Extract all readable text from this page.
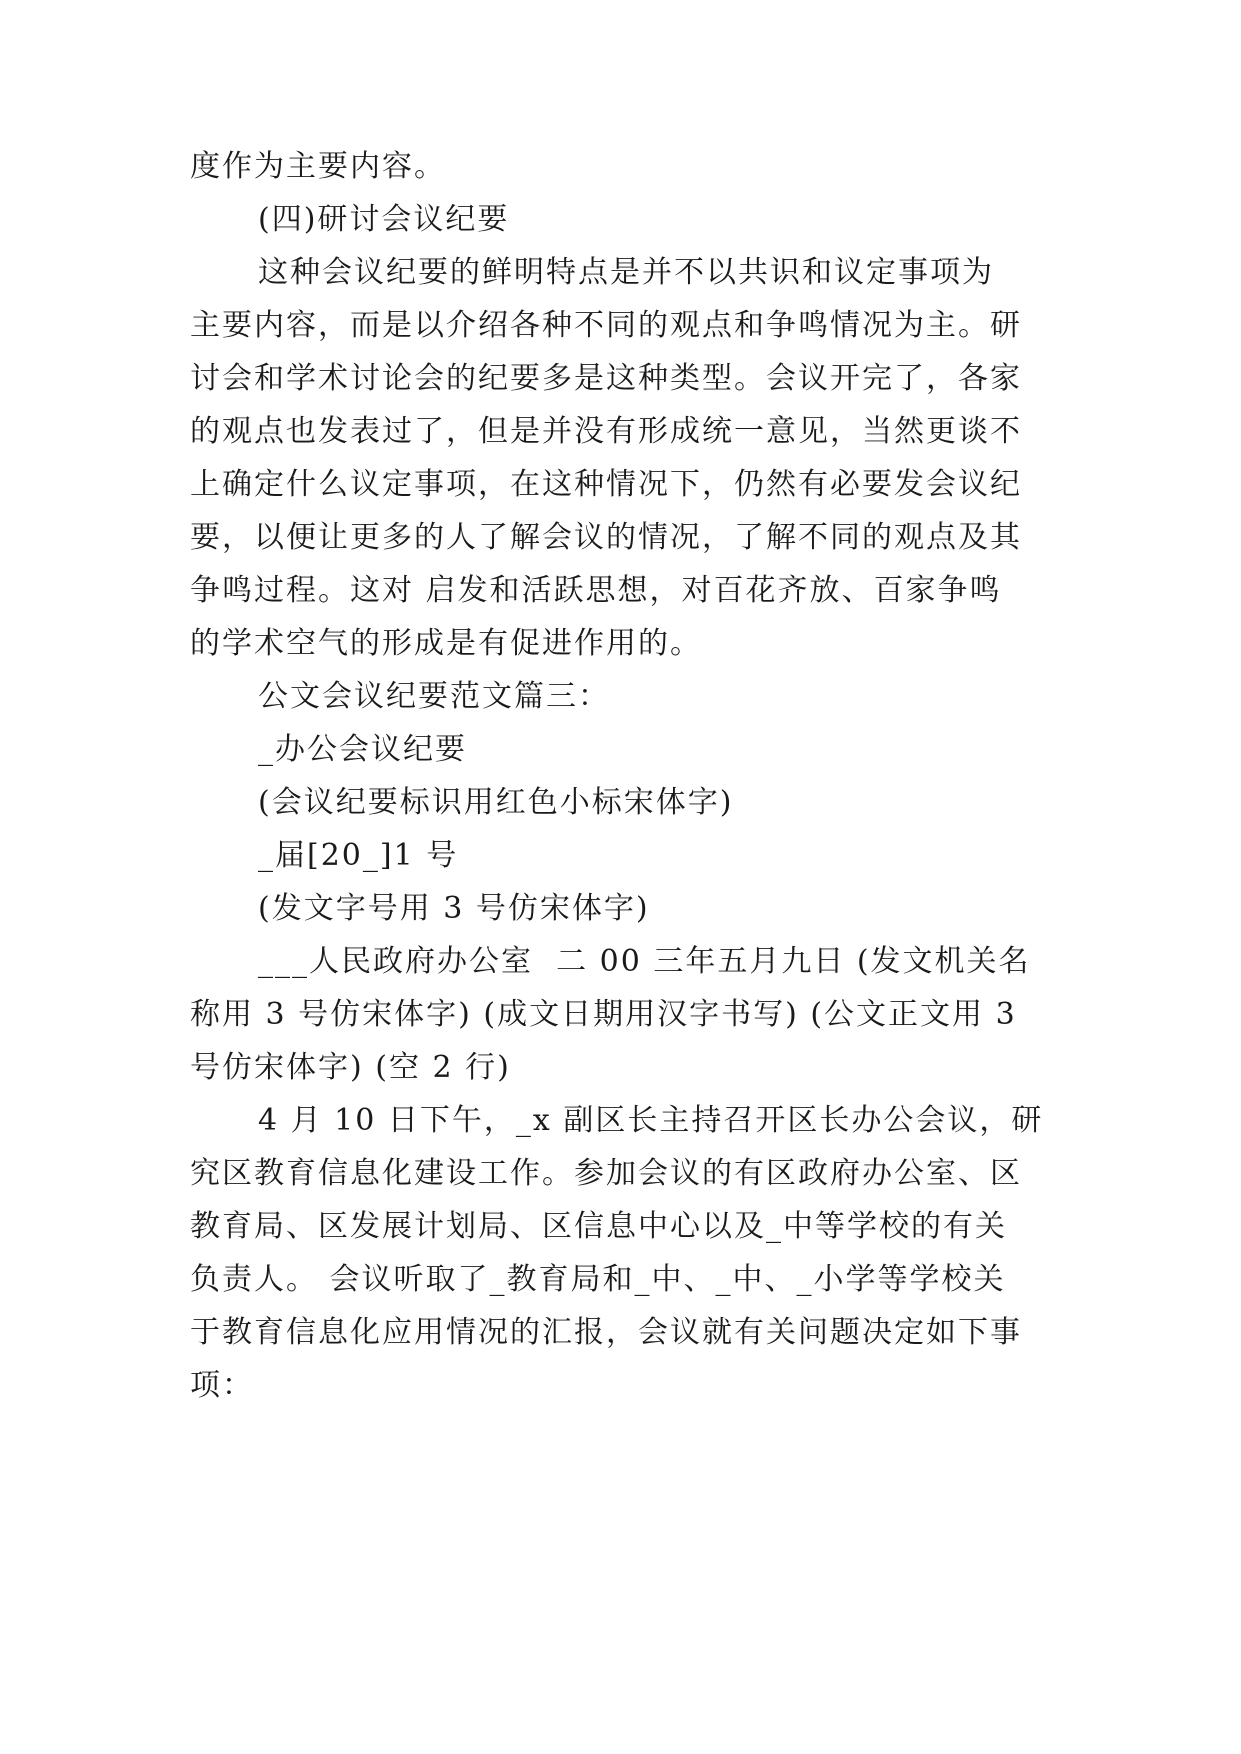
度作为主要内容。
(四)研讨会议纪要
这种会议纪要的鲜明特点是并不以共识和议定事项为
主要内容，而是以介绍各种不同的观点和争鸣情况为主。研
讨会和学术讨论会的纪要多是这种类型。会议开完了，各家
的观点也发表过了，但是并没有形成统一意见，当然更谈不
上确定什么议定事项，在这种情况下，仍然有必要发会议纪
要，以便让更多的人了解会议的情况，了解不同的观点及其
争鸣过程。这对 启发和活跃思想，对百花齐放、百家争鸣
的学术空气的形成是有促进作用的。
公文会议纪要范文篇三：
_办公会议纪要
(会议纪要标识用红色小标宋体字)
_届[20_]1 号
(发文字号用 3 号仿宋体字)
___人民政府办公室  二 00 三年五月九日 (发文机关名
称用 3 号仿宋体字) (成文日期用汉字书写) (公文正文用 3
号仿宋体字) (空 2 行)
4 月 10 日下午，_x 副区长主持召开区长办公会议，研
究区教育信息化建设工作。参加会议的有区政府办公室、区
教育局、区发展计划局、区信息中心以及_中等学校的有关
负责人。 会议听取了_教育局和_中、_中、_小学等学校关
于教育信息化应用情况的汇报，会议就有关问题决定如下事
项：
